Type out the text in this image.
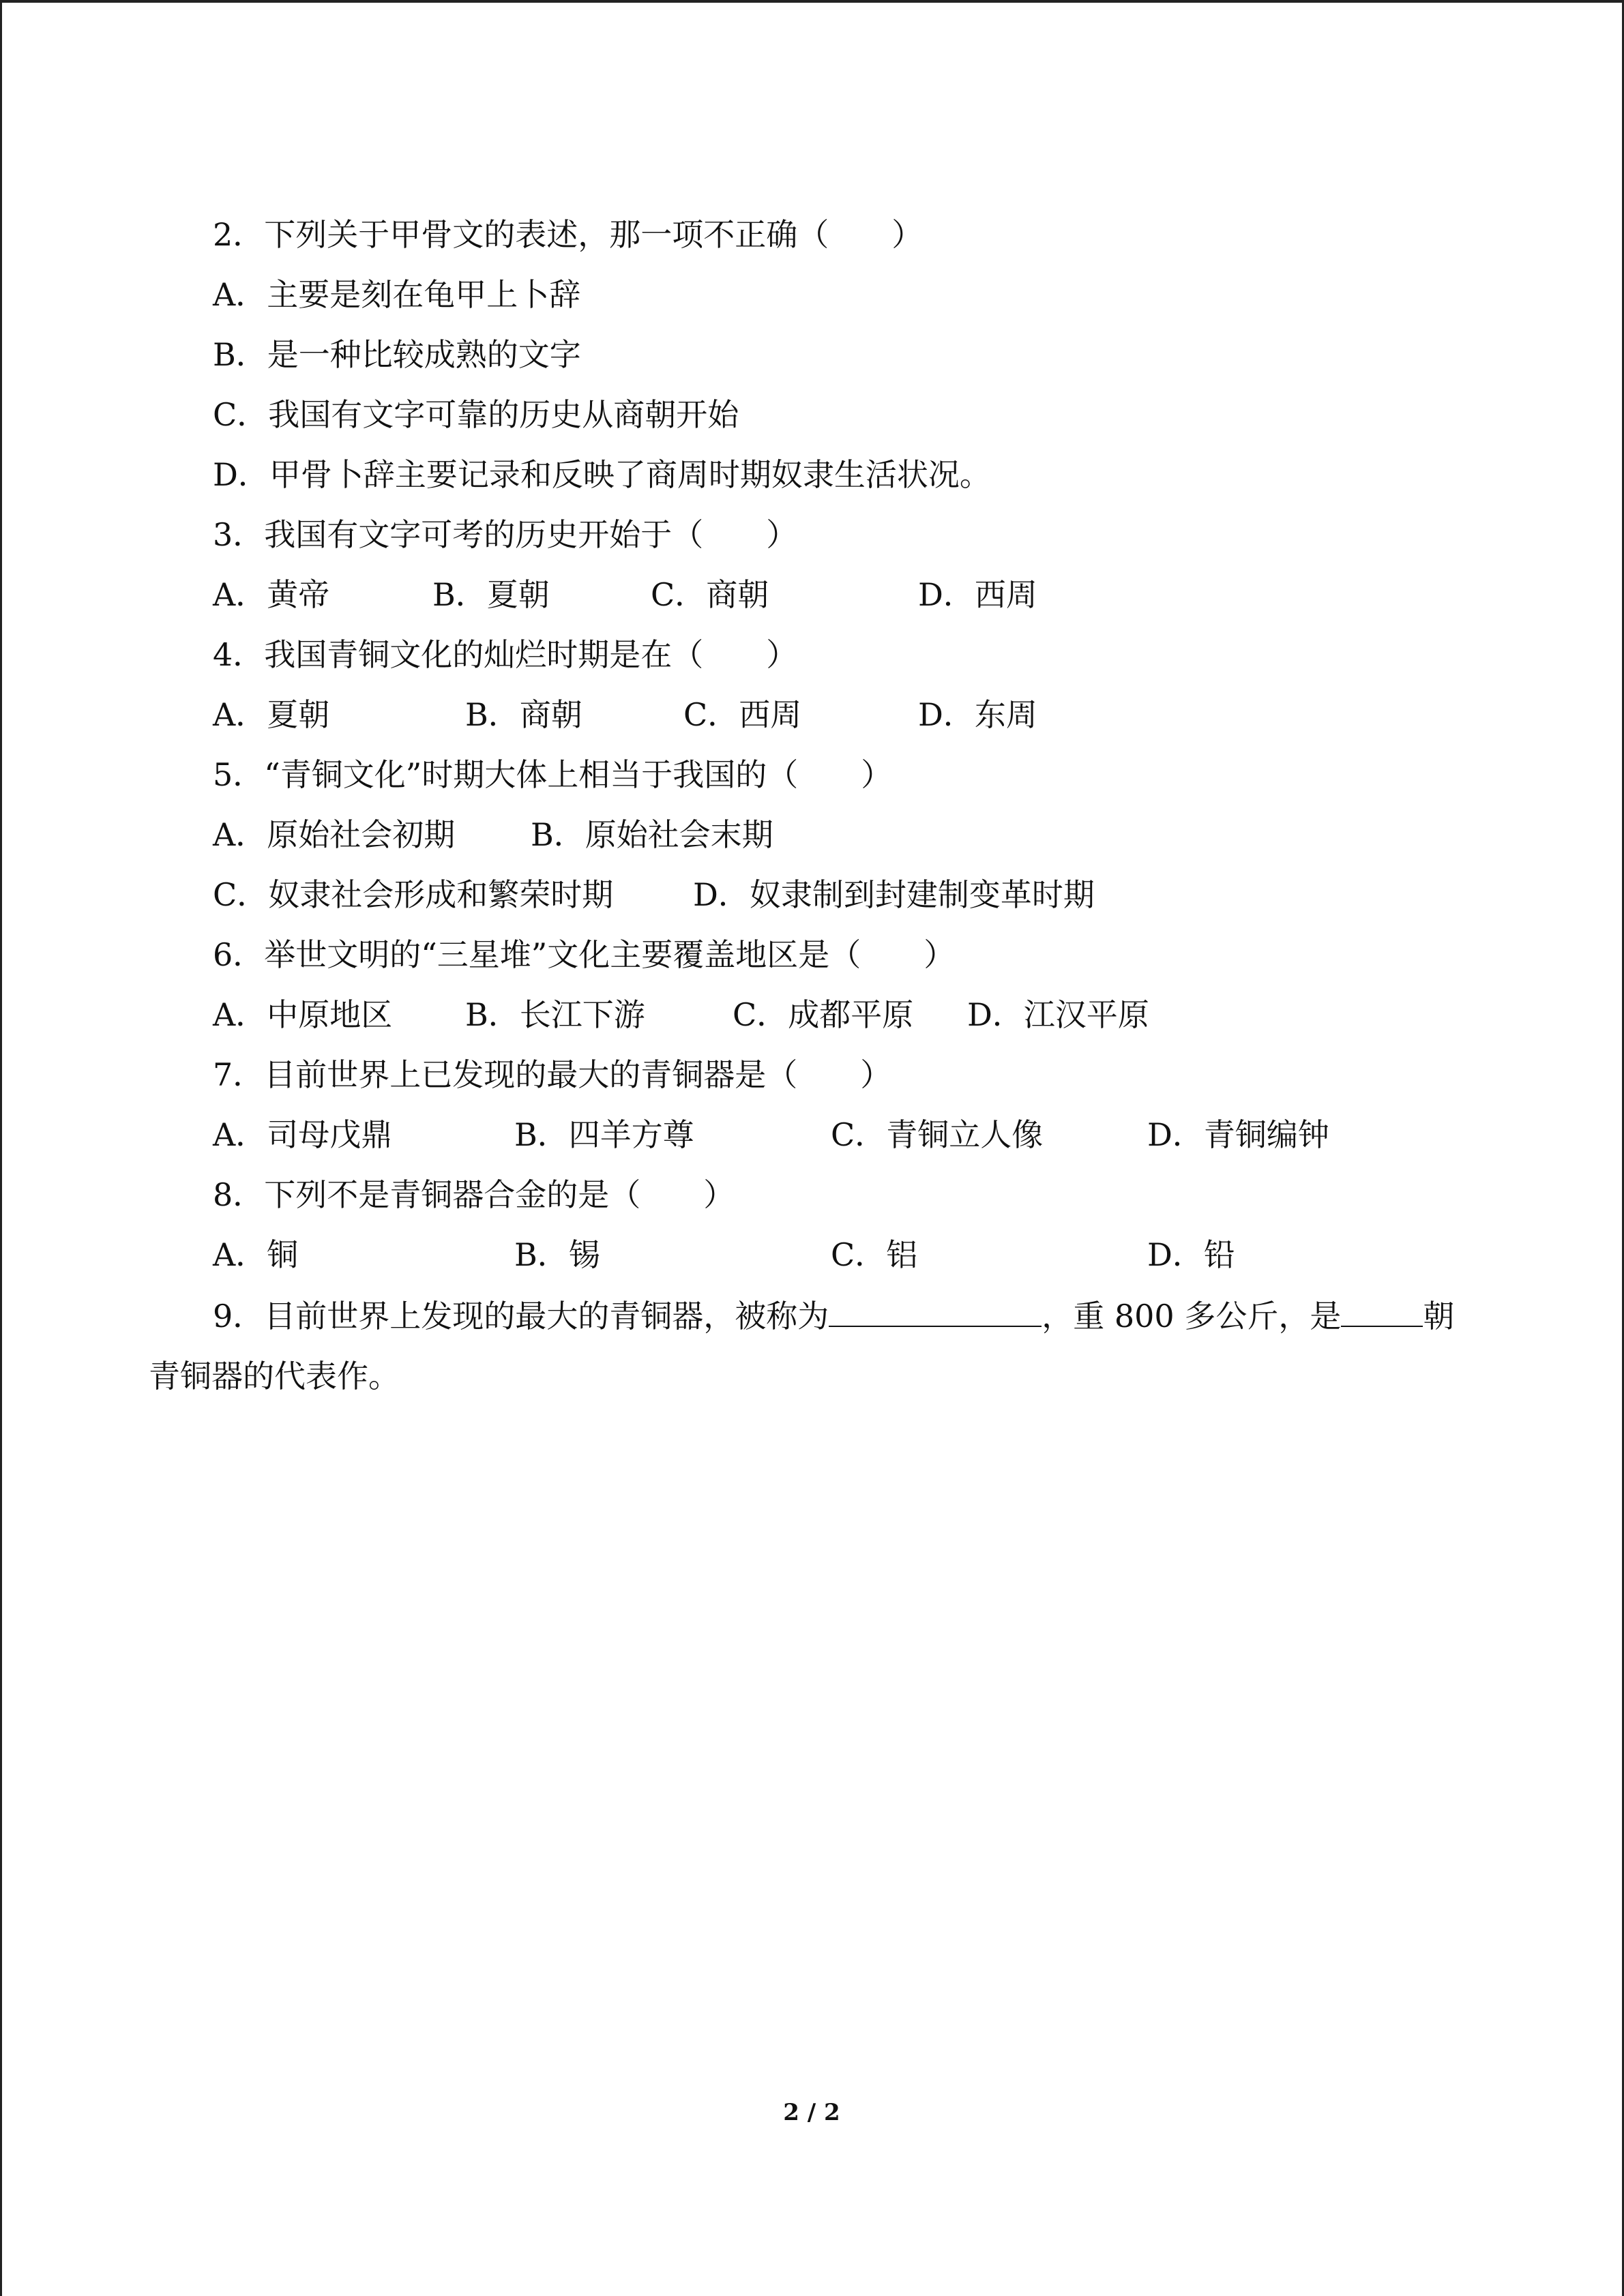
2．下列关于甲骨文的表述，那一项不正确（　　）
A．主要是刻在龟甲上卜辞
B．是一种比较成熟的文字
C．我国有文字可靠的历史从商朝开始
D．甲骨卜辞主要记录和反映了商周时期奴隶生活状况。
3．我国有文字可考的历史开始于（　　）
A．黄帝	B．夏朝	C．商朝	D．西周
4．我国青铜文化的灿烂时期是在（　　）
A．夏朝	B．商朝	C．西周	D．东周
5．“青铜文化”时期大体上相当于我国的（　　）
A．原始社会初期 B．原始社会末期
C．奴隶社会形成和繁荣时期	D．奴隶制到封建制变革时期
6．举世文明的“三星堆”文化主要覆盖地区是（　　）
A．中原地区 B．长江下游	C．成都平原 D．江汉平原
7．目前世界上已发现的最大的青铜器是（　　）
A．司母戊鼎	B．四羊方尊	C．青铜立人像	D．青铜编钟
8．下列不是青铜器合金的是（　　）
A．铜	B．锡	C．铝	D．铅
9．目前世界上发现的最大的青铜器，被称为	，重 800 多公斤，是	朝
青铜器的代表作。
2 / 2
